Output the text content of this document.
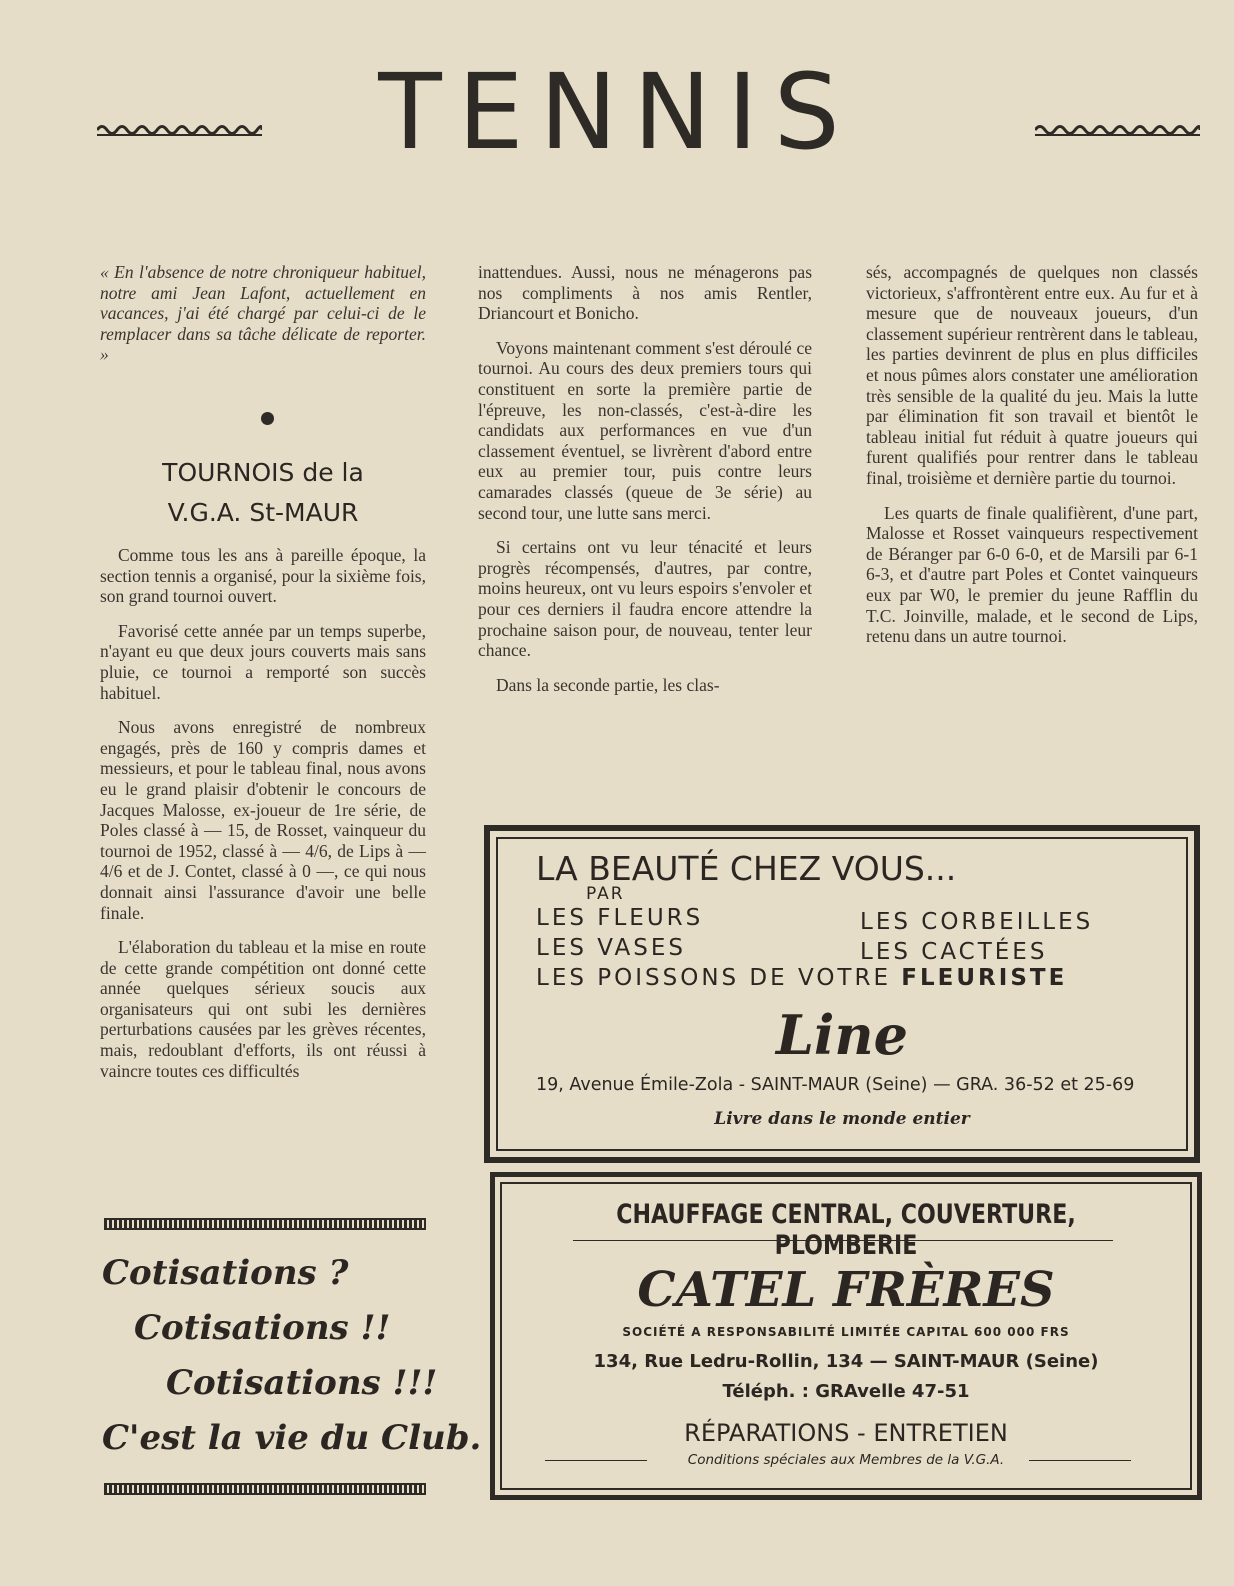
TENNIS
« En l'absence de notre chroniqueur habituel, notre ami Jean Lafont, actuellement en vacances, j'ai été chargé par celui-ci de le remplacer dans sa tâche délicate de reporter. »
TOURNOIS de la
V.G.A. St-MAUR

Comme tous les ans à pareille époque, la section tennis a organisé, pour la sixième fois, son grand tournoi ouvert.

Favorisé cette année par un temps superbe, n'ayant eu que deux jours couverts mais sans pluie, ce tournoi a remporté son succès habituel.

Nous avons enregistré de nombreux engagés, près de 160 y compris dames et messieurs, et pour le tableau final, nous avons eu le grand plaisir d'obtenir le concours de Jacques Malosse, ex-joueur de 1re série, de Poles classé à — 15, de Rosset, vainqueur du tournoi de 1952, classé à — 4/6, de Lips à — 4/6 et de J. Contet, classé à 0 —, ce qui nous donnait ainsi l'assurance d'avoir une belle finale.

L'élaboration du tableau et la mise en route de cette grande compétition ont donné cette année quelques sérieux soucis aux organisateurs qui ont subi les dernières perturbations causées par les grèves récentes, mais, redoublant d'efforts, ils ont réussi à vaincre toutes ces difficultés

inattendues. Aussi, nous ne ménagerons pas nos compliments à nos amis Rentler, Driancourt et Bonicho.

Voyons maintenant comment s'est déroulé ce tournoi. Au cours des deux premiers tours qui constituent en sorte la première partie de l'épreuve, les non-classés, c'est-à-dire les candidats aux performances en vue d'un classement éventuel, se livrèrent d'abord entre eux au premier tour, puis contre leurs camarades classés (queue de 3e série) au second tour, une lutte sans merci.

Si certains ont vu leur ténacité et leurs progrès récompensés, d'autres, par contre, moins heureux, ont vu leurs espoirs s'envoler et pour ces derniers il faudra encore attendre la prochaine saison pour, de nouveau, tenter leur chance.

Dans la seconde partie, les clas-

sés, accompagnés de quelques non classés victorieux, s'affrontèrent entre eux. Au fur et à mesure que de nouveaux joueurs, d'un classement supérieur rentrèrent dans le tableau, les parties devinrent de plus en plus difficiles et nous pûmes alors constater une amélioration très sensible de la qualité du jeu. Mais la lutte par élimination fit son travail et bientôt le tableau initial fut réduit à quatre joueurs qui furent qualifiés pour rentrer dans le tableau final, troisième et dernière partie du tournoi.

Les quarts de finale qualifièrent, d'une part, Malosse et Rosset vainqueurs respectivement de Béranger par 6-0 6-0, et de Marsili par 6-1 6-3, et d'autre part Poles et Contet vainqueurs eux par W0, le premier du jeune Rafflin du T.C. Joinville, malade, et le second de Lips, retenu dans un autre tournoi.

Cotisations ?
Cotisations !!
Cotisations !!!
C'est la vie du Club.
LA BEAUTÉ CHEZ VOUS...
PAR
LES FLEURS	LES CORBEILLES
LES VASES	LES CACTÉES
LES POISSONS DE VOTRE FLEURISTE
Line
19, Avenue Émile-Zola - SAINT-MAUR (Seine) — GRA. 36-52 et 25-69
Livre dans le monde entier
CHAUFFAGE CENTRAL, COUVERTURE, PLOMBERIE
CATEL FRÈRES
SOCIÉTÉ A RESPONSABILITÉ LIMITÉE CAPITAL 600 000 FRS
134, Rue Ledru-Rollin, 134 — SAINT-MAUR (Seine)
Téléph. : GRAvelle 47-51
RÉPARATIONS - ENTRETIEN
Conditions spéciales aux Membres de la V.G.A.
